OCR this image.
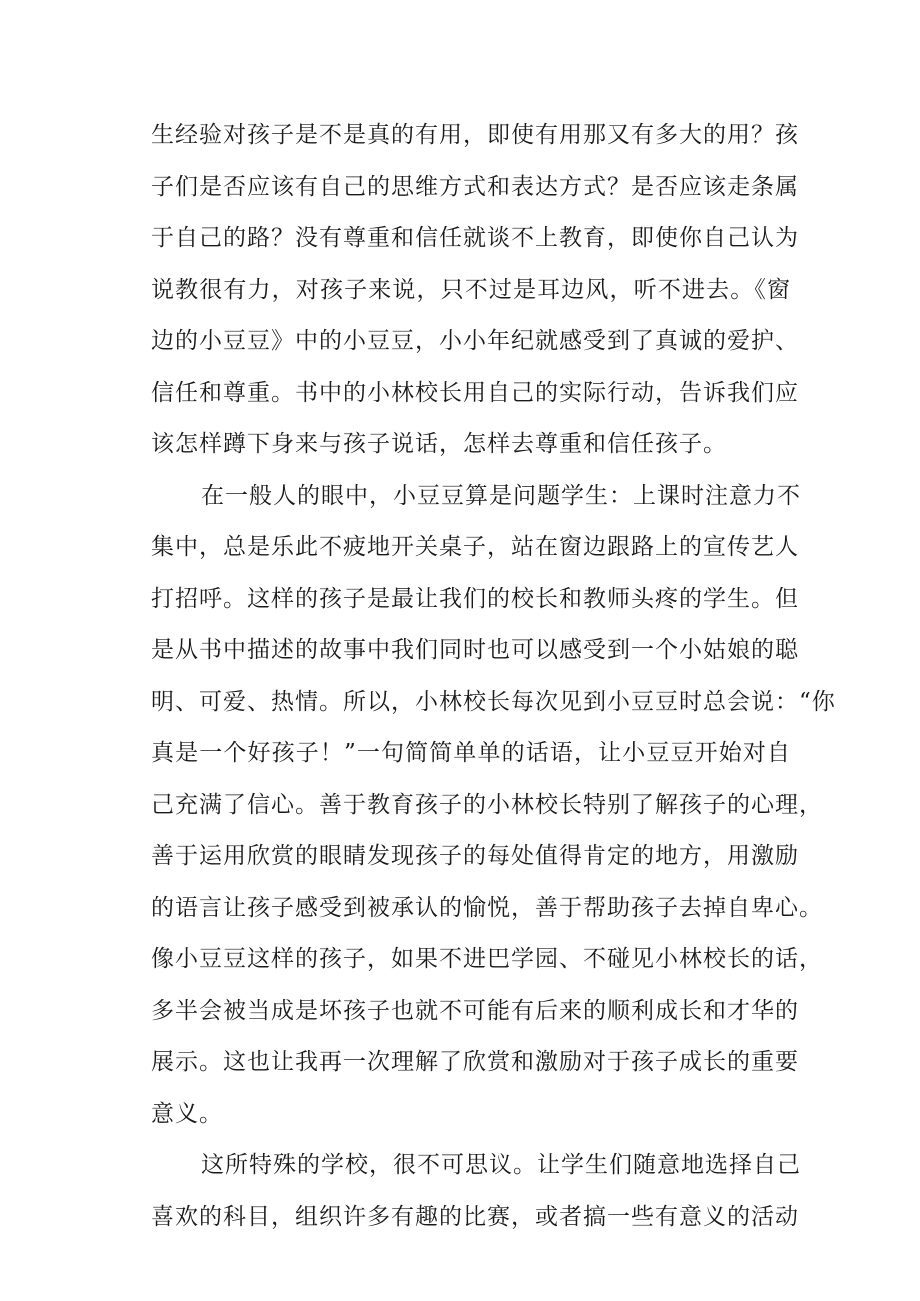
生经验对孩子是不是真的有用，即使有用那又有多大的用？孩
子们是否应该有自己的思维方式和表达方式？是否应该走条属
于自己的路？没有尊重和信任就谈不上教育，即使你自己认为
说教很有力，对孩子来说，只不过是耳边风，听不进去。《窗
边的小豆豆》中的小豆豆，小小年纪就感受到了真诚的爱护、
信任和尊重。书中的小林校长用自己的实际行动，告诉我们应
该怎样蹲下身来与孩子说话，怎样去尊重和信任孩子。
在一般人的眼中，小豆豆算是问题学生：上课时注意力不
集中，总是乐此不疲地开关桌子，站在窗边跟路上的宣传艺人
打招呼。这样的孩子是最让我们的校长和教师头疼的学生。但
是从书中描述的故事中我们同时也可以感受到一个小姑娘的聪
明、可爱、热情。所以，小林校长每次见到小豆豆时总会说：“你
真是一个好孩子！”一句简简单单的话语，让小豆豆开始对自
己充满了信心。善于教育孩子的小林校长特别了解孩子的心理，
善于运用欣赏的眼睛发现孩子的每处值得肯定的地方，用激励
的语言让孩子感受到被承认的愉悦，善于帮助孩子去掉自卑心。
像小豆豆这样的孩子，如果不进巴学园、不碰见小林校长的话，
多半会被当成是坏孩子也就不可能有后来的顺利成长和才华的
展示。这也让我再一次理解了欣赏和激励对于孩子成长的重要
意义。
这所特殊的学校，很不可思议。让学生们随意地选择自己
喜欢的科目，组织许多有趣的比赛，或者搞一些有意义的活动
